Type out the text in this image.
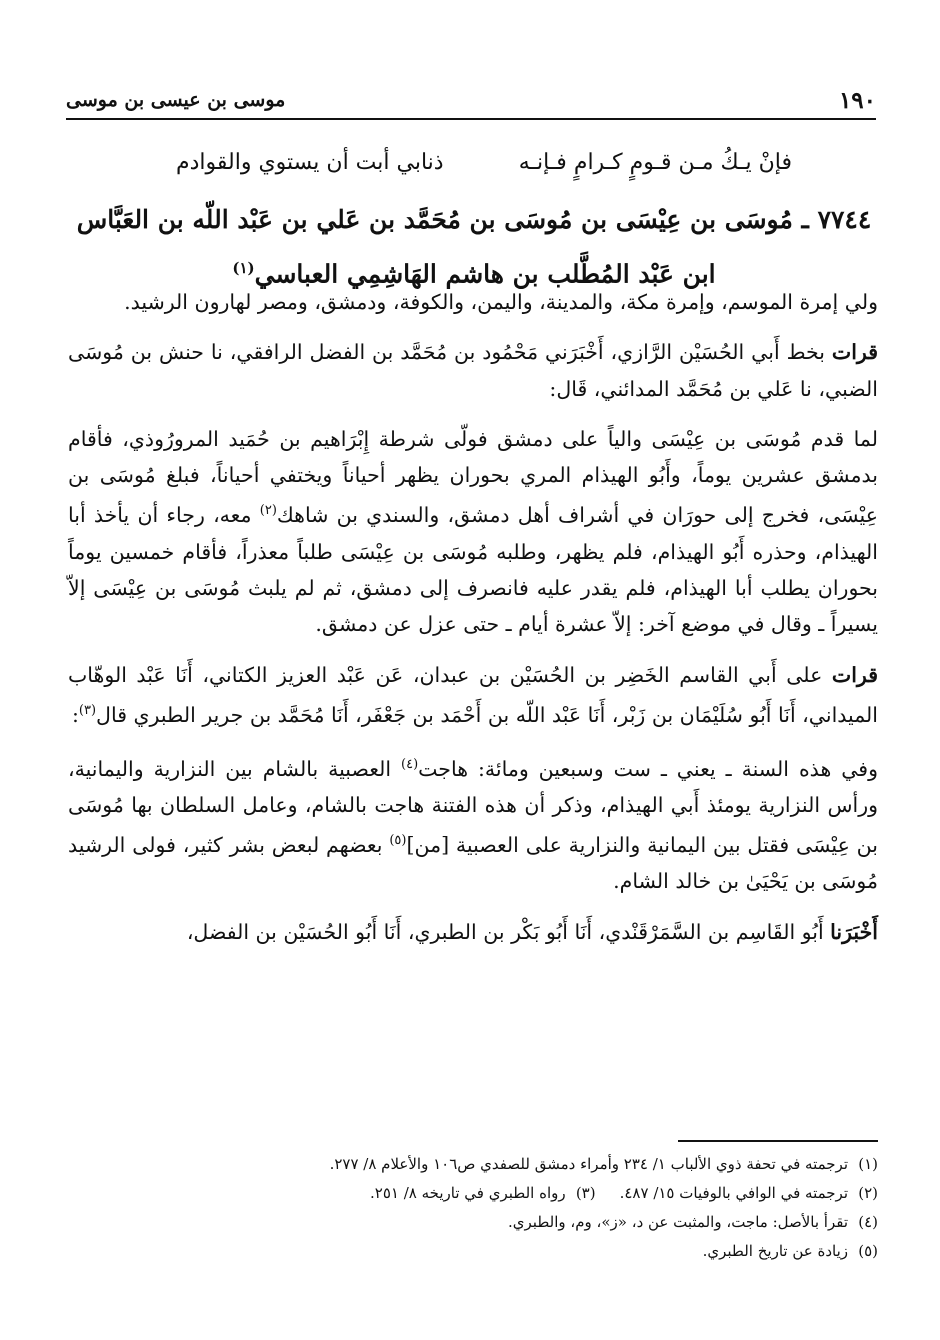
١٩٠
موسى بن عيسى بن موسى
فإنْ يـكُ مـن قـومٍ كـرامٍ فـإنـه
ذنابي أبت أن يستوي والقوادم
٧٧٤٤ ـ مُوسَى بن عِيْسَى بن مُوسَى بن مُحَمَّد بن عَلي بن عَبْد اللّه بن العَبَّاس
ابن عَبْد المُطَّلب بن هاشم الهَاشِمِي العباسي$^{(١)}$

ولي إمرة الموسم، وإمرة مكة، والمدينة، واليمن، والكوفة، ودمشق، ومصر لهارون الرشيد.

قرات بخط أَبي الحُسَيْن الرَّازي، أَخْبَرَني مَحْمُود بن مُحَمَّد بن الفضل الرافقي، نا حنش بن مُوسَى الضبي، نا عَلي بن مُحَمَّد المدائني، قَال:

لما قدم مُوسَى بن عِيْسَى والياً على دمشق فولّى شرطة إِبْرَاهيم بن حُمَيد المرورُوذي، فأقام بدمشق عشرين يوماً، وأَبُو الهيذام المري بحوران يظهر أحياناً ويختفي أحياناً، فبلغ مُوسَى بن عِيْسَى، فخرج إلى حورَان في أشراف أهل دمشق، والسندي بن شاهك$^{(٢)}$ معه، رجاء أن يأخذ أبا الهيذام، وحذره أَبُو الهيذام، فلم يظهر، وطلبه مُوسَى بن عِيْسَى طلباً معذراً، فأقام خمسين يوماً بحوران يطلب أبا الهيذام، فلم يقدر عليه فانصرف إلى دمشق، ثم لم يلبث مُوسَى بن عِيْسَى إلاّ يسيراً ـ وقال في موضع آخر: إلاّ عشرة أيام ـ حتى عزل عن دمشق.

قرات على أَبي القاسم الخَضِر بن الحُسَيْن بن عبدان، عَن عَبْد العزيز الكتاني، أَنَا عَبْد الوهّاب الميداني، أَنَا أَبُو سُلَيْمَان بن زَبْر، أَنَا عَبْد اللّه بن أَحْمَد بن جَعْفَر، أَنَا مُحَمَّد بن جرير الطبري قال$^{(٣)}$:

وفي هذه السنة ـ يعني ـ ست وسبعين ومائة: هاجت$^{(٤)}$ العصبية بالشام بين النزارية واليمانية، ورأس النزارية يومئذ أَبي الهيذام، وذكر أن هذه الفتنة هاجت بالشام، وعامل السلطان بها مُوسَى بن عِيْسَى فقتل بين اليمانية والنزارية على العصبية [من]$^{(٥)}$ بعضهم لبعض بشر كثير، فولى الرشيد مُوسَى بن يَحْيَىٰ بن خالد الشام.

أَخْبَرَنا أَبُو القَاسِم بن السَّمَرْقَنْدي، أَنَا أَبُو بَكْر بن الطبري، أَنَا أَبُو الحُسَيْن بن الفضل،

(١)ترجمته في تحفة ذوي الألباب ١/ ٢٣٤ وأمراء دمشق للصفدي ص١٠٦ والأعلام ٨/ ٢٧٧.
(٢)ترجمته في الوافي بالوفيات ١٥/ ٤٨٧.(٣)رواه الطبري في تاريخه ٨/ ٢٥١.
(٤)تقرأ بالأصل: ماجت، والمثبت عن د، «ز»، وم، والطبري.
(٥)زيادة عن تاريخ الطبري.
